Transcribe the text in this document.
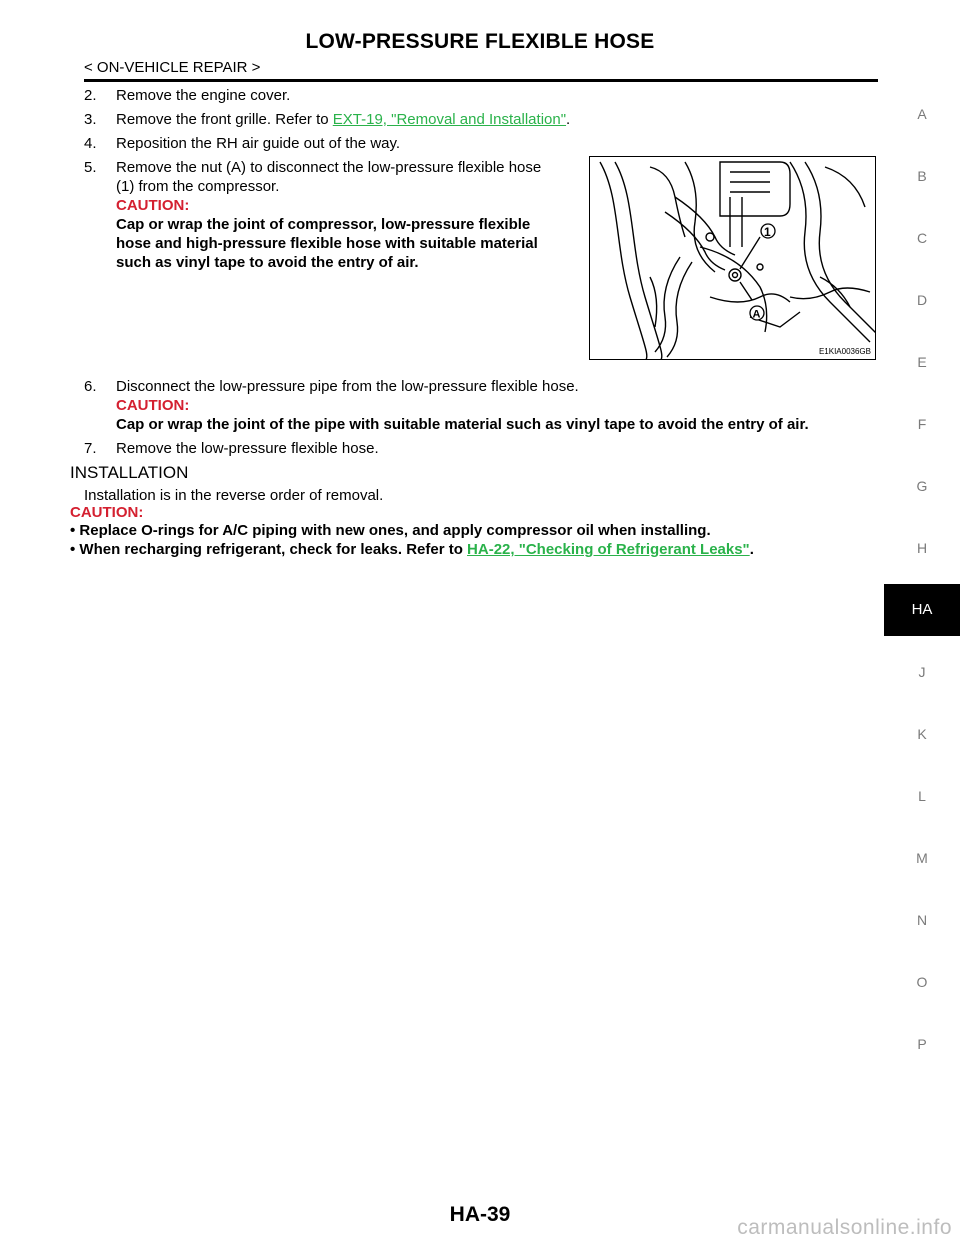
LOW-PRESSURE FLEXIBLE HOSE
< ON-VEHICLE REPAIR >
2. Remove the engine cover.
3. Remove the front grille. Refer to EXT-19, "Removal and Installation".
4. Reposition the RH air guide out of the way.
5. Remove the nut (A) to disconnect the low-pressure flexible hose
(1) from the compressor.
CAUTION:
Cap or wrap the joint of compressor, low-pressure flexible
hose and high-pressure flexible hose with suitable material
such as vinyl tape to avoid the entry of air.
1
A
E1KIA0036GB
6. Disconnect the low-pressure pipe from the low-pressure flexible hose.
CAUTION:
Cap or wrap the joint of the pipe with suitable material such as vinyl tape to avoid the entry of air.
7. Remove the low-pressure flexible hose.
INSTALLATION
Installation is in the reverse order of removal.
CAUTION:
• Replace O-rings for A/C piping with new ones, and apply compressor oil when installing.
• When recharging refrigerant, check for leaks. Refer to HA-22, "Checking of Refrigerant Leaks".
A
B
C
D
E
F
G
H
HA
J
K
L
M
N
O
P
HA-39
carmanualsonline.info
